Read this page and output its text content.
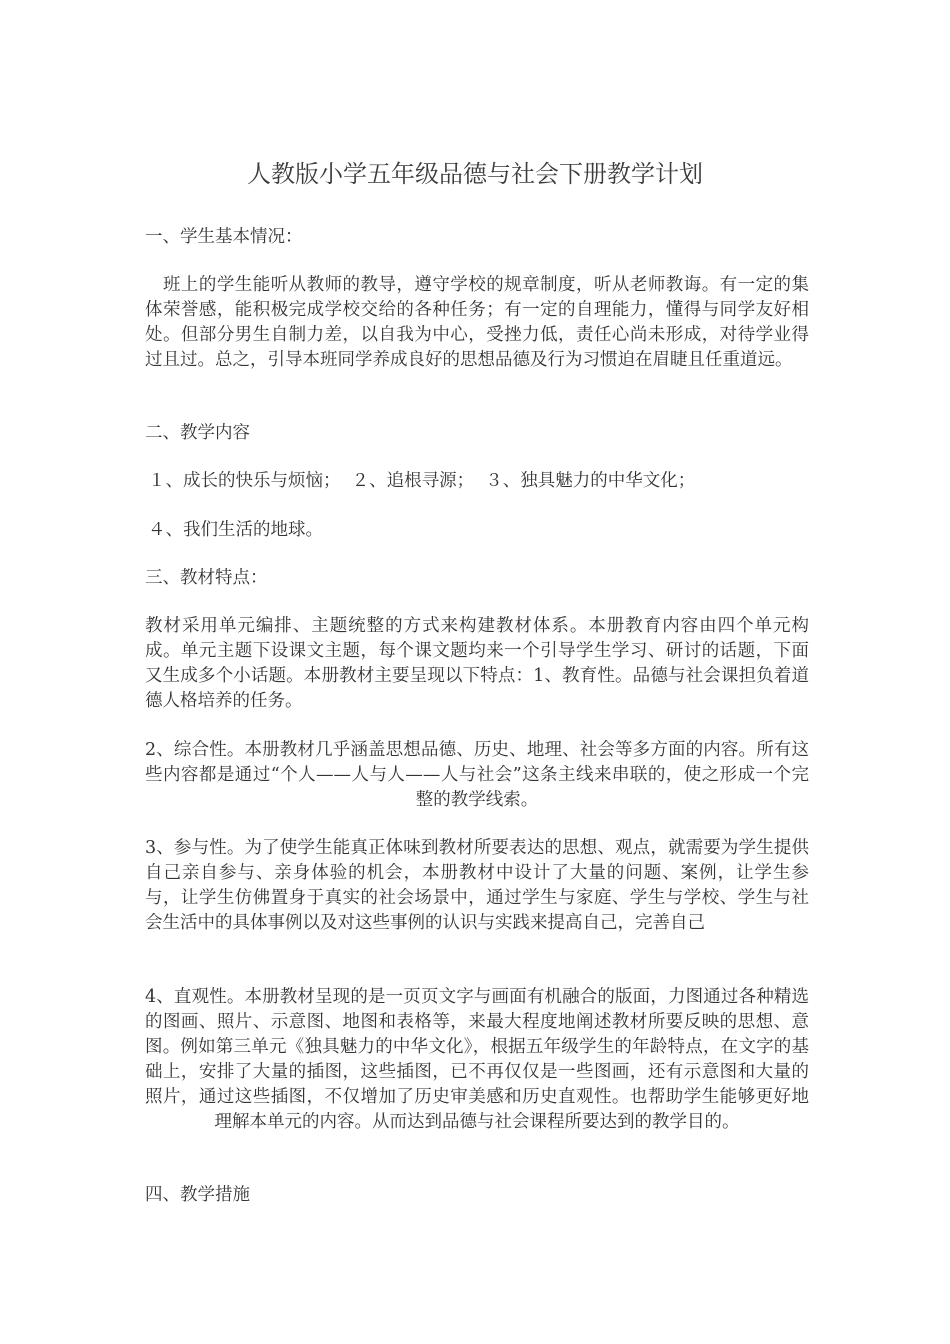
人教版小学五年级品德与社会下册教学计划

一、学生基本情况：

　班上的学生能听从教师的教导，遵守学校的规章制度，听从老师教诲。有一定的集体荣誉感，能积极完成学校交给的各种任务；有一定的自理能力，懂得与同学友好相处。但部分男生自制力差，以自我为中心，受挫力低，责任心尚未形成，对待学业得过且过。总之，引导本班同学养成良好的思想品德及行为习惯迫在眉睫且任重道远。

二、教学内容

１、成长的快乐与烦恼；  ２、追根寻源；  ３、独具魅力的中华文化；

４、我们生活的地球。

三、教材特点：

教材采用单元编排、主题统整的方式来构建教材体系。本册教育内容由四个单元构成。单元主题下设课文主题，每个课文题均来一个引导学生学习、研讨的话题，下面又生成多个小话题。本册教材主要呈现以下特点：1、教育性。品德与社会课担负着道德人格培养的任务。

2、综合性。本册教材几乎涵盖思想品德、历史、地理、社会等多方面的内容。所有这些内容都是通过“个人——人与人——人与社会”这条主线来串联的，使之形成一个完整的教学线索。

3、参与性。为了使学生能真正体味到教材所要表达的思想、观点，就需要为学生提供自己亲自参与、亲身体验的机会，本册教材中设计了大量的问题、案例，让学生参与，让学生仿佛置身于真实的社会场景中，通过学生与家庭、学生与学校、学生与社会生活中的具体事例以及对这些事例的认识与实践来提高自己，完善自己

4、直观性。本册教材呈现的是一页页文字与画面有机融合的版面，力图通过各种精选的图画、照片、示意图、地图和表格等，来最大程度地阐述教材所要反映的思想、意图。例如第三单元《独具魅力的中华文化》，根据五年级学生的年龄特点，在文字的基础上，安排了大量的插图，这些插图，已不再仅仅是一些图画，还有示意图和大量的照片，通过这些插图，不仅增加了历史审美感和历史直观性。也帮助学生能够更好地理解本单元的内容。从而达到品德与社会课程所要达到的教学目的。

四、教学措施
